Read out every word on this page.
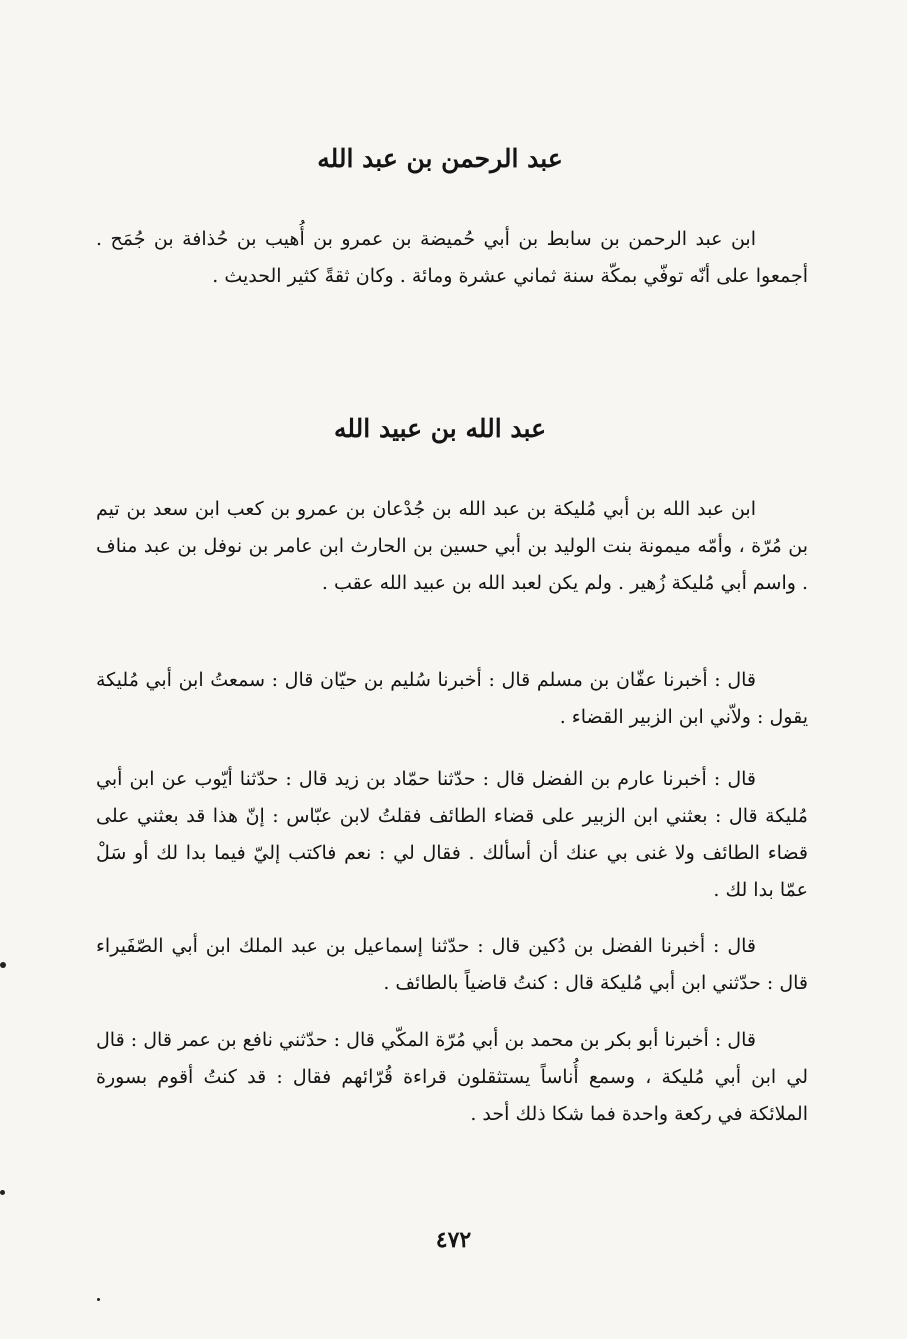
عبد الرحمن بن عبد الله

ابن عبد الرحمن بن سابط بن أبي حُميضة بن عمرو بن أُهيب بن حُذافة بن جُمَح . أجمعوا على أنّه توفّي بمكّة سنة ثماني عشرة ومائة . وكان ثقةً كثير الحديث .

عبد الله بن عبيد الله

ابن عبد الله بن أبي مُليكة بن عبد الله بن جُدْعان بن عمرو بن كعب ابن سعد بن تيم بن مُرّة ، وأمّه ميمونة بنت الوليد بن أبي حسين بن الحارث ابن عامر بن نوفل بن عبد مناف . واسم أبي مُليكة زُهير . ولم يكن لعبد الله بن عبيد الله عقب .

قال : أخبرنا عفّان بن مسلم قال : أخبرنا سُليم بن حيّان قال : سمعتُ ابن أبي مُليكة يقول : ولاّني ابن الزبير القضاء .

قال : أخبرنا عارم بن الفضل قال : حدّثنا حمّاد بن زيد قال : حدّثنا أيّوب عن ابن أبي مُليكة قال : بعثني ابن الزبير على قضاء الطائف فقلتُ لابن عبّاس : إنّ هذا قد بعثني على قضاء الطائف ولا غنى بي عنك أن أسألك . فقال لي : نعم فاكتب إليّ فيما بدا لك أو سَلْ عمّا بدا لك .

قال : أخبرنا الفضل بن دُكين قال : حدّثنا إسماعيل بن عبد الملك ابن أبي الصّفَيراء قال : حدّثني ابن أبي مُليكة قال : كنتُ قاضياً بالطائف .

قال : أخبرنا أبو بكر بن محمد بن أبي مُرّة المكّي قال : حدّثني نافع بن عمر قال : قال لي ابن أبي مُليكة ، وسمع أُناساً يستثقلون قراءة قُرّائهم فقال : قد كنتُ أقوم بسورة الملائكة في ركعة واحدة فما شكا ذلك أحد .

٤٧٢
